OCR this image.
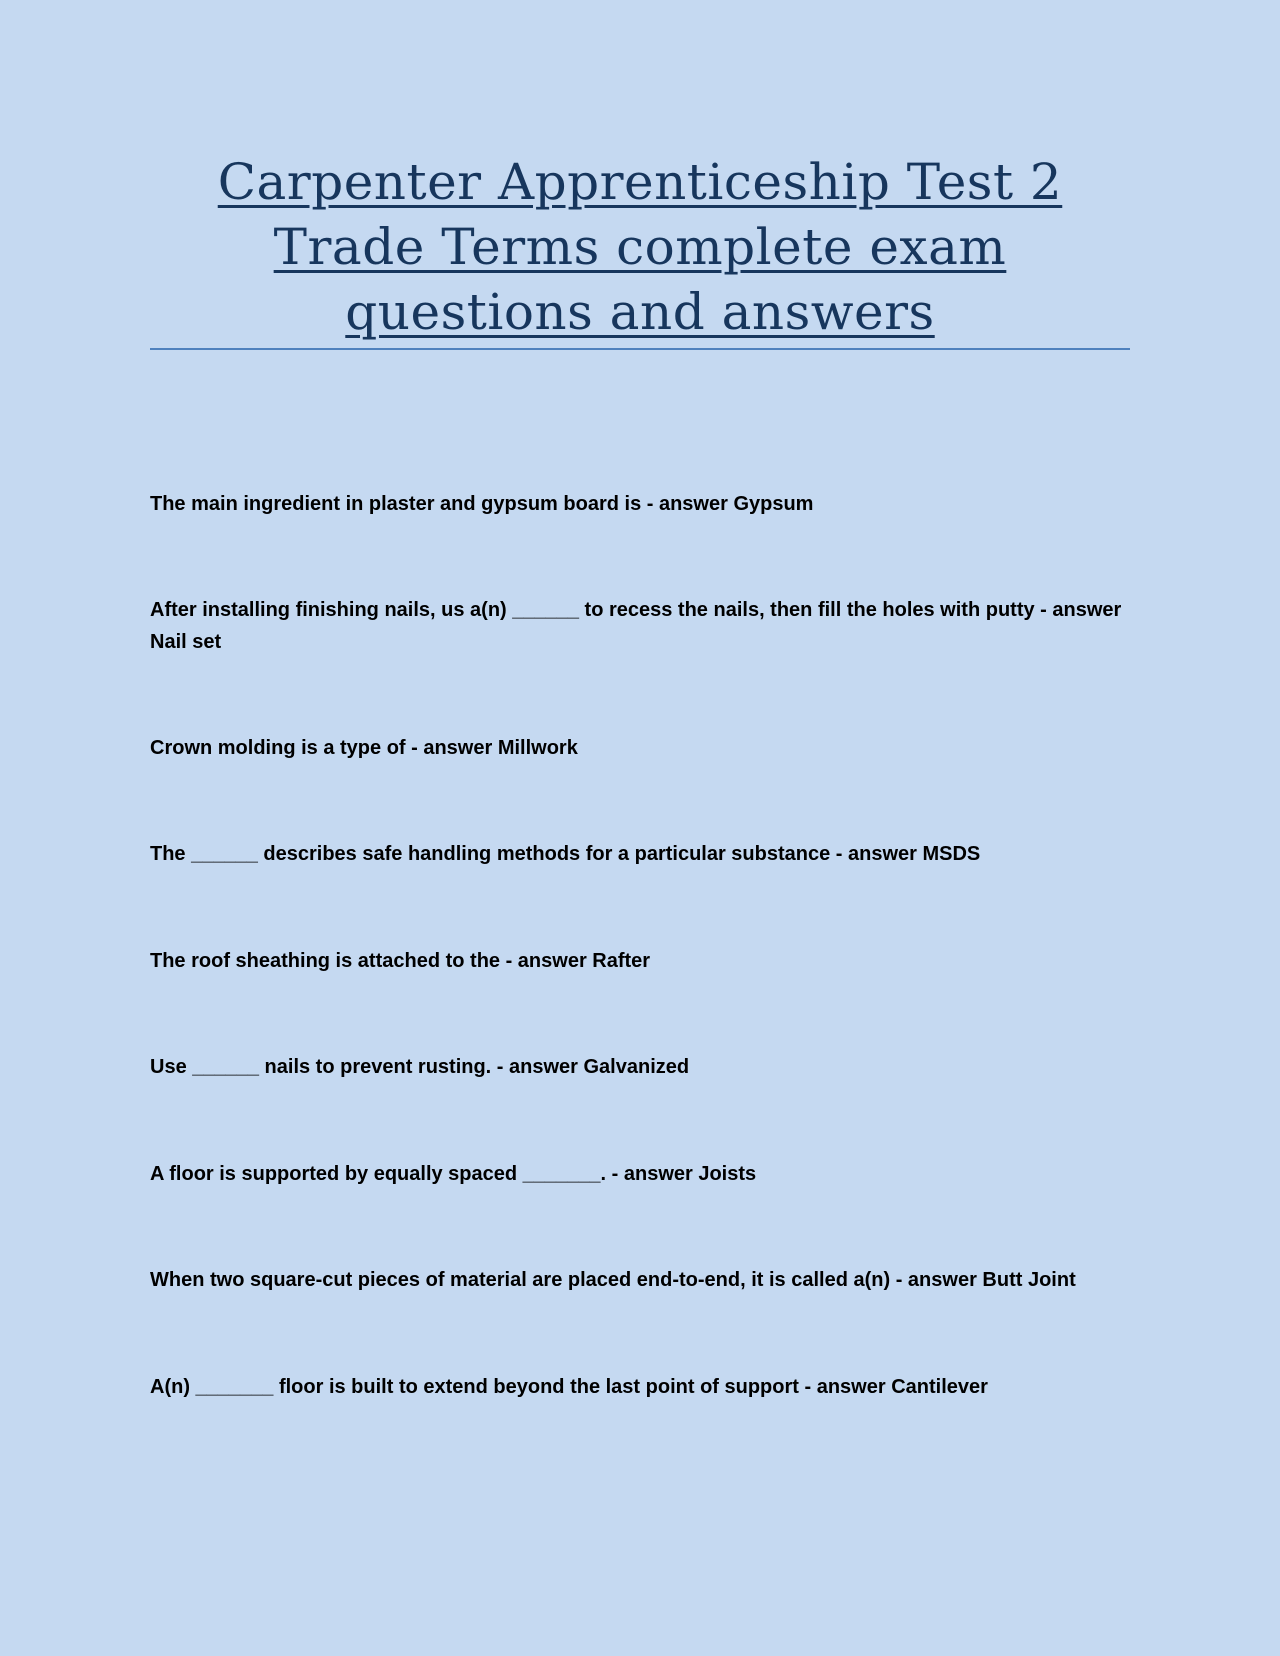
Carpenter Apprenticeship Test 2 Trade Terms complete exam questions and answers
The main ingredient in plaster and gypsum board is - answer Gypsum
After installing finishing nails, us a(n) ______ to recess the nails, then fill the holes with putty - answer Nail set
Crown molding is a type of - answer Millwork
The ______ describes safe handling methods for a particular substance - answer MSDS
The roof sheathing is attached to the - answer Rafter
Use ______ nails to prevent rusting. - answer Galvanized
A floor is supported by equally spaced _______. - answer Joists
When two square-cut pieces of material are placed end-to-end, it is called a(n) - answer Butt Joint
A(n) _______ floor is built to extend beyond the last point of support - answer Cantilever
